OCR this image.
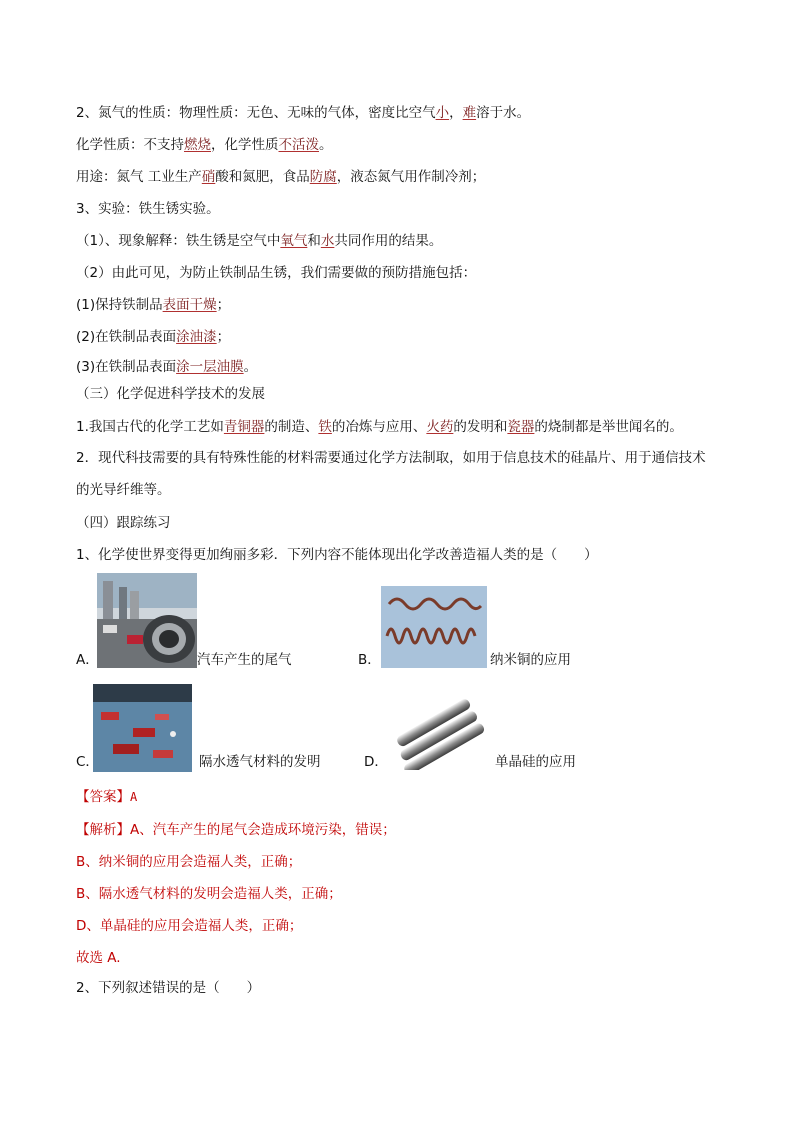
2、氮气的性质：物理性质：无色、无味的气体，密度比空气小，难溶于水。
化学性质：不支持燃烧，化学性质不活泼。
用途：氮气 工业生产硝酸和氮肥，食品防腐，液态氮气用作制冷剂；
3、实验：铁生锈实验。
（1）、现象解释：铁生锈是空气中氧气和水共同作用的结果。
（2）由此可见，为防止铁制品生锈，我们需要做的预防措施包括：
(1)保持铁制品表面干燥；
(2)在铁制品表面涂油漆；
(3)在铁制品表面涂一层油膜。
（三）化学促进科学技术的发展
1.我国古代的化学工艺如青铜器的制造、铁的冶炼与应用、火药的发明和瓷器的烧制都是举世闻名的。
2．现代科技需要的具有特殊性能的材料需要通过化学方法制取，如用于信息技术的硅晶片、用于通信技术
的光导纤维等。
（四）跟踪练习
1、化学使世界变得更加绚丽多彩．下列内容不能体现出化学改善造福人类的是（　　）
A．	汽车产生的尾气	B．	纳米铜的应用
C．	隔水透气材料的发明	D．	单晶硅的应用
【答案】A
【解析】A、汽车产生的尾气会造成环境污染，错误；
B、纳米铜的应用会造福人类，正确；
B、隔水透气材料的发明会造福人类，正确；
D、单晶硅的应用会造福人类，正确；
故选 A.
2、下列叙述错误的是（　　）
